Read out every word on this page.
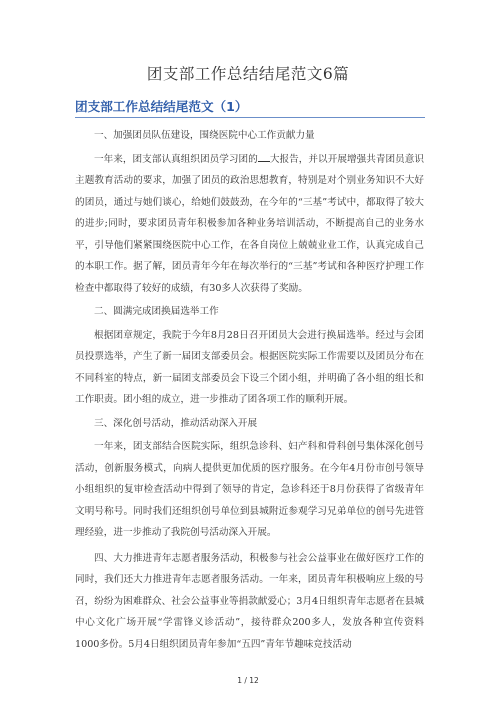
团支部工作总结结尾范文6篇
团支部工作总结结尾范文（1）

一、加强团员队伍建设，围绕医院中心工作贡献力量

一年来，团支部认真组织团员学习团的 大报告，并以开展增强共青团员意识主题教育活动的要求，加强了团员的政治思想教育，特别是对个别业务知识不大好的团员，通过与她们谈心，给她们鼓鼓劲，在今年的“三基”考试中，都取得了较大的进步;同时，要求团员青年积极参加各种业务培训活动，不断提高自己的业务水平，引导他们紧紧围绕医院中心工作，在各自岗位上兢兢业业工作，认真完成自己的本职工作。据了解，团员青年今年在每次举行的“三基”考试和各种医疗护理工作检查中都取得了较好的成绩，有30多人次获得了奖励。

二、圆满完成团换届选举工作

根据团章规定，我院于今年8月28日召开团员大会进行换届选举。经过与会团员投票选举，产生了新一届团支部委员会。根据医院实际工作需要以及团员分布在不同科室的特点，新一届团支部委员会下设三个团小组，并明确了各小组的组长和工作职责。团小组的成立，进一步推动了团各项工作的顺利开展。

三、深化创号活动，推动活动深入开展

一年来，团支部结合医院实际，组织急诊科、妇产科和骨科创号集体深化创号活动，创新服务模式，向病人提供更加优质的医疗服务。在今年4月份市创号领导小组组织的复审检查活动中得到了领导的肯定，急诊科还于8月份获得了省级青年文明号称号。同时我们还组织创号单位到县城附近参观学习兄弟单位的创号先进管理经验，进一步推动了我院创号活动深入开展。

四、大力推进青年志愿者服务活动，积极参与社会公益事业在做好医疗工作的同时，我们还大力推进青年志愿者服务活动。一年来，团员青年积极响应上级的号召，纷纷为困难群众、社会公益事业等捐款献爱心；3月4日组织青年志愿者在县城中心文化广场开展“学雷锋义诊活动”，接待群众200多人，发放各种宣传资料1000多份。5月4日组织团员青年参加“五四”青年节趣味竞技活动

1 / 12
